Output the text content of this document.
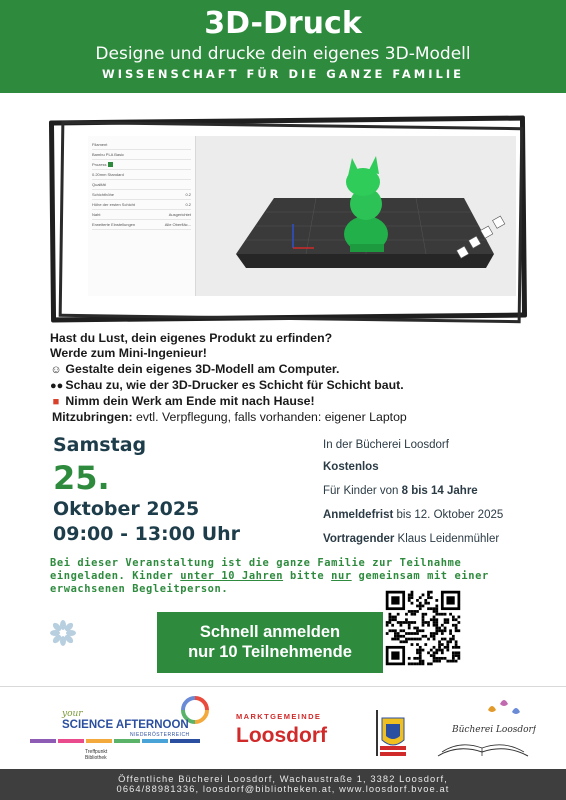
3D-Druck
Designe und drucke dein eigenes 3D-Modell
WISSENSCHAFT FÜR DIE GANZE FAMILIE
Filament
Bambu PLA Basic
Prozess
0.20mm Standard
Qualität
Schichthöhe	0.2
Höhe der ersten Schicht	0.2
Naht	Ausgerichtet
Erweiterte Einstellungen	Alle Oberfläc...
Hast du Lust, dein eigenes Produkt zu erfinden?
Werde zum Mini-Ingenieur!
☺ Gestalte dein eigenes 3D-Modell am Computer.
●● Schau zu, wie der 3D-Drucker es Schicht für Schicht baut.
■ Nimm dein Werk am Ende mit nach Hause!
Mitzubringen: evtl. Verpflegung, falls vorhanden: eigener Laptop
Samstag
25.
Oktober 2025
09:00 - 13:00 Uhr
In der Bücherei Loosdorf
Kostenlos
Für Kinder von 8 bis 14 Jahre
Anmeldefrist bis 12. Oktober 2025
Vortragender Klaus Leidenmühler
Bei dieser Veranstaltung ist die ganze Familie zur Teilnahme eingeladen. Kinder unter 10 Jahren bitte nur gemeinsam mit einer erwachsenen Begleitperson.
Schnell anmelden
nur 10 Teilnehmende
your
SCIENCE AFTERNOON
NIEDERÖSTERREICH
Treffpunkt Bibliothek
MARKTGEMEINDE
Loosdorf	Bücherei Loosdorf
Öffentliche Bücherei Loosdorf, Wachaustraße 1, 3382 Loosdorf,
0664/88981336, loosdorf@bibliotheken.at, www.loosdorf.bvoe.at
